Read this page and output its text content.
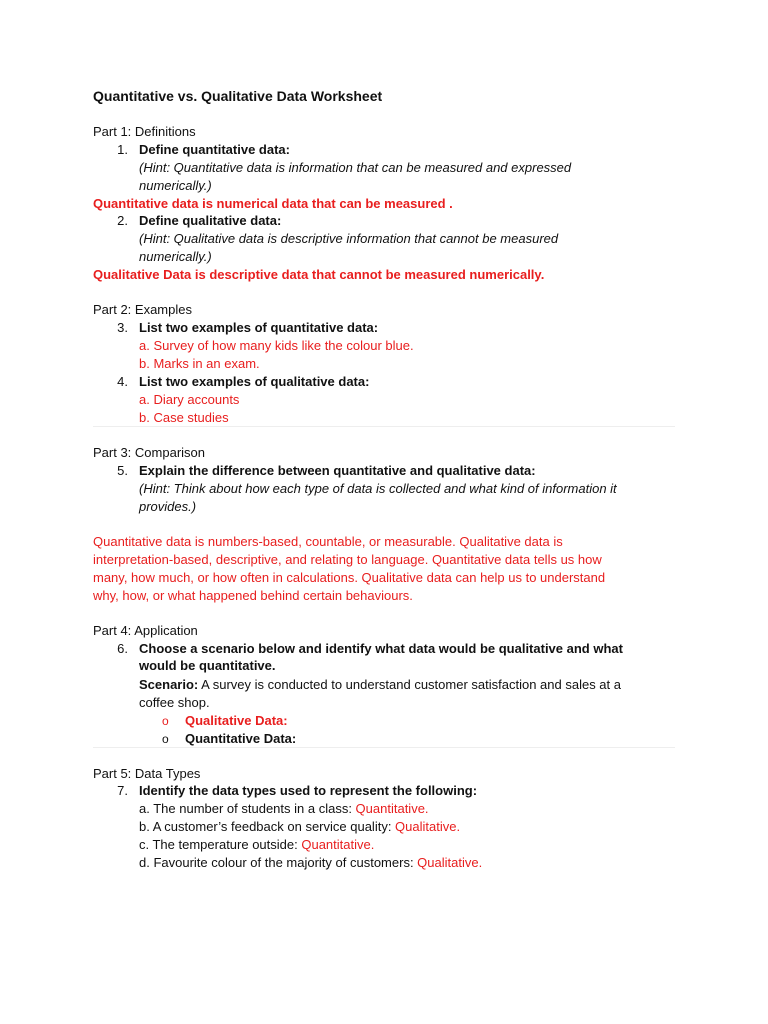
Quantitative vs. Qualitative Data Worksheet
Part 1: Definitions
1. Define quantitative data:
(Hint: Quantitative data is information that can be measured and expressed
numerically.)
Quantitative data is numerical data that can be measured .
2. Define qualitative data:
(Hint: Qualitative data is descriptive information that cannot be measured
numerically.)
Qualitative Data is descriptive data that cannot be measured numerically.
Part 2: Examples
3. List two examples of quantitative data:
a. Survey of how many kids like the colour blue.
b. Marks in an exam.
4. List two examples of qualitative data:
a. Diary accounts
b. Case studies
Part 3: Comparison
5. Explain the difference between quantitative and qualitative data:
(Hint: Think about how each type of data is collected and what kind of information it
provides.)
Quantitative data is numbers-based, countable, or measurable. Qualitative data is
interpretation-based, descriptive, and relating to language. Quantitative data tells us how
many, how much, or how often in calculations. Qualitative data can help us to understand
why, how, or what happened behind certain behaviours.
Part 4: Application
6. Choose a scenario below and identify what data would be qualitative and what
would be quantitative.
Scenario: A survey is conducted to understand customer satisfaction and sales at a
coffee shop.
o Qualitative Data:
o Quantitative Data:
Part 5: Data Types
7. Identify the data types used to represent the following:
a. The number of students in a class: Quantitative.
b. A customer’s feedback on service quality: Qualitative.
c. The temperature outside: Quantitative.
d. Favourite colour of the majority of customers: Qualitative.
